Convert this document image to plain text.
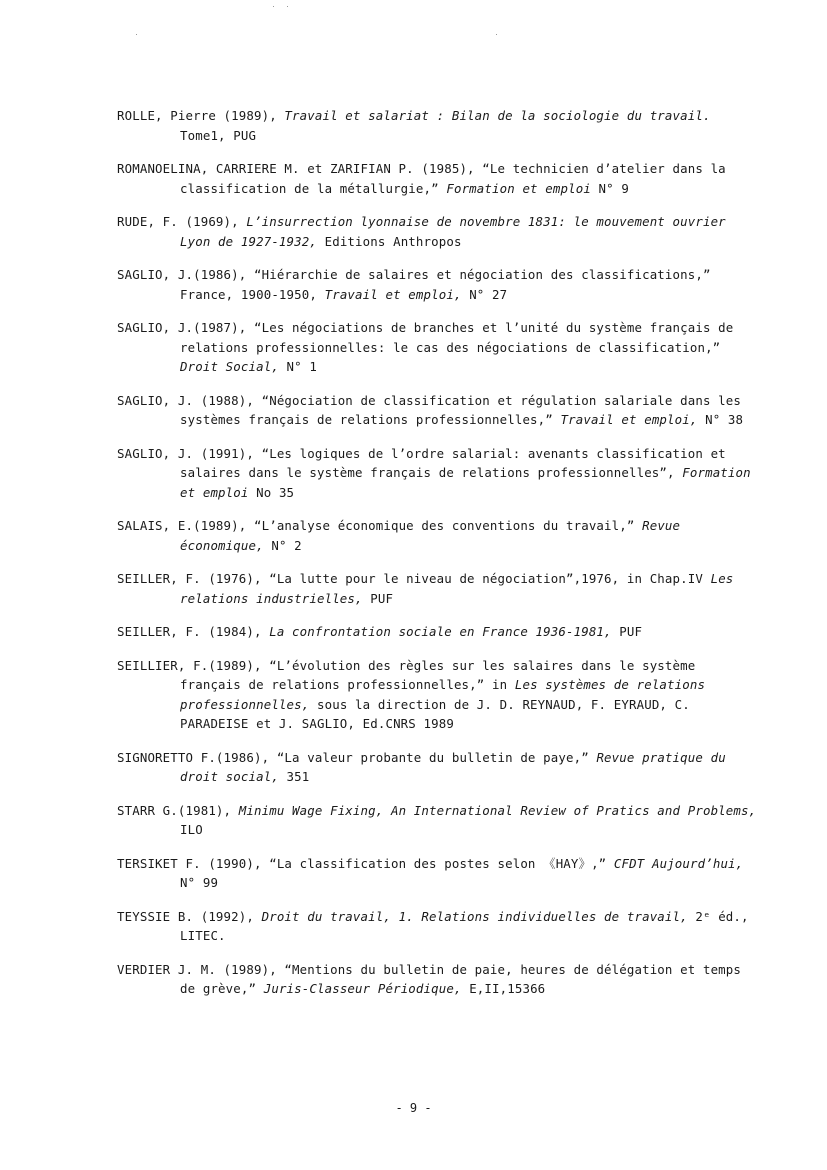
ROLLE, Pierre (1989), Travail et salariat : Bilan de la sociologie du travail. Tome1, PUG

ROMANOELINA, CARRIERE M. et ZARIFIAN P. (1985), “Le technicien d’atelier dans la classification de la métallurgie,” Formation et emploi N° 9

RUDE, F. (1969), L’insurrection lyonnaise de novembre 1831: le mouvement ouvrier Lyon de 1927-1932, Editions Anthropos

SAGLIO, J.(1986), “Hiérarchie de salaires et négociation des classifications,” France, 1900-1950, Travail et emploi, N° 27

SAGLIO, J.(1987), “Les négociations de branches et l’unité du système français de relations professionnelles: le cas des négociations de classification,” Droit Social, N° 1

SAGLIO, J. (1988), “Négociation de classification et régulation salariale dans les systèmes français de relations professionnelles,” Travail et emploi, N° 38

SAGLIO, J. (1991), “Les logiques de l’ordre salarial: avenants classification et salaires dans le système français de relations professionnelles”, Formation et emploi No 35

SALAIS, E.(1989), “L’analyse économique des conventions du travail,” Revue économique, N° 2

SEILLER, F. (1976), “La lutte pour le niveau de négociation”,1976, in Chap.IV Les relations industrielles, PUF

SEILLER, F. (1984), La confrontation sociale en France 1936-1981, PUF

SEILLIER, F.(1989), “L’évolution des règles sur les salaires dans le système français de relations professionnelles,” in Les systèmes de relations professionnelles, sous la direction de J. D. REYNAUD, F. EYRAUD, C. PARADEISE et J. SAGLIO, Ed.CNRS 1989

SIGNORETTO F.(1986), “La valeur probante du bulletin de paye,” Revue pratique du droit social, 351

STARR G.(1981), Minimu Wage Fixing, An International Review of Pratics and Problems, ILO

TERSIKET F. (1990), “La classification des postes selon 《HAY》,” CFDT Aujourd’hui, N° 99

TEYSSIE B. (1992), Droit du travail, 1. Relations individuelles de travail, 2ᵉ éd., LITEC.

VERDIER J. M. (1989), “Mentions du bulletin de paie, heures de délégation et temps de grève,” Juris-Classeur Périodique, E,II,15366

- 9 -
